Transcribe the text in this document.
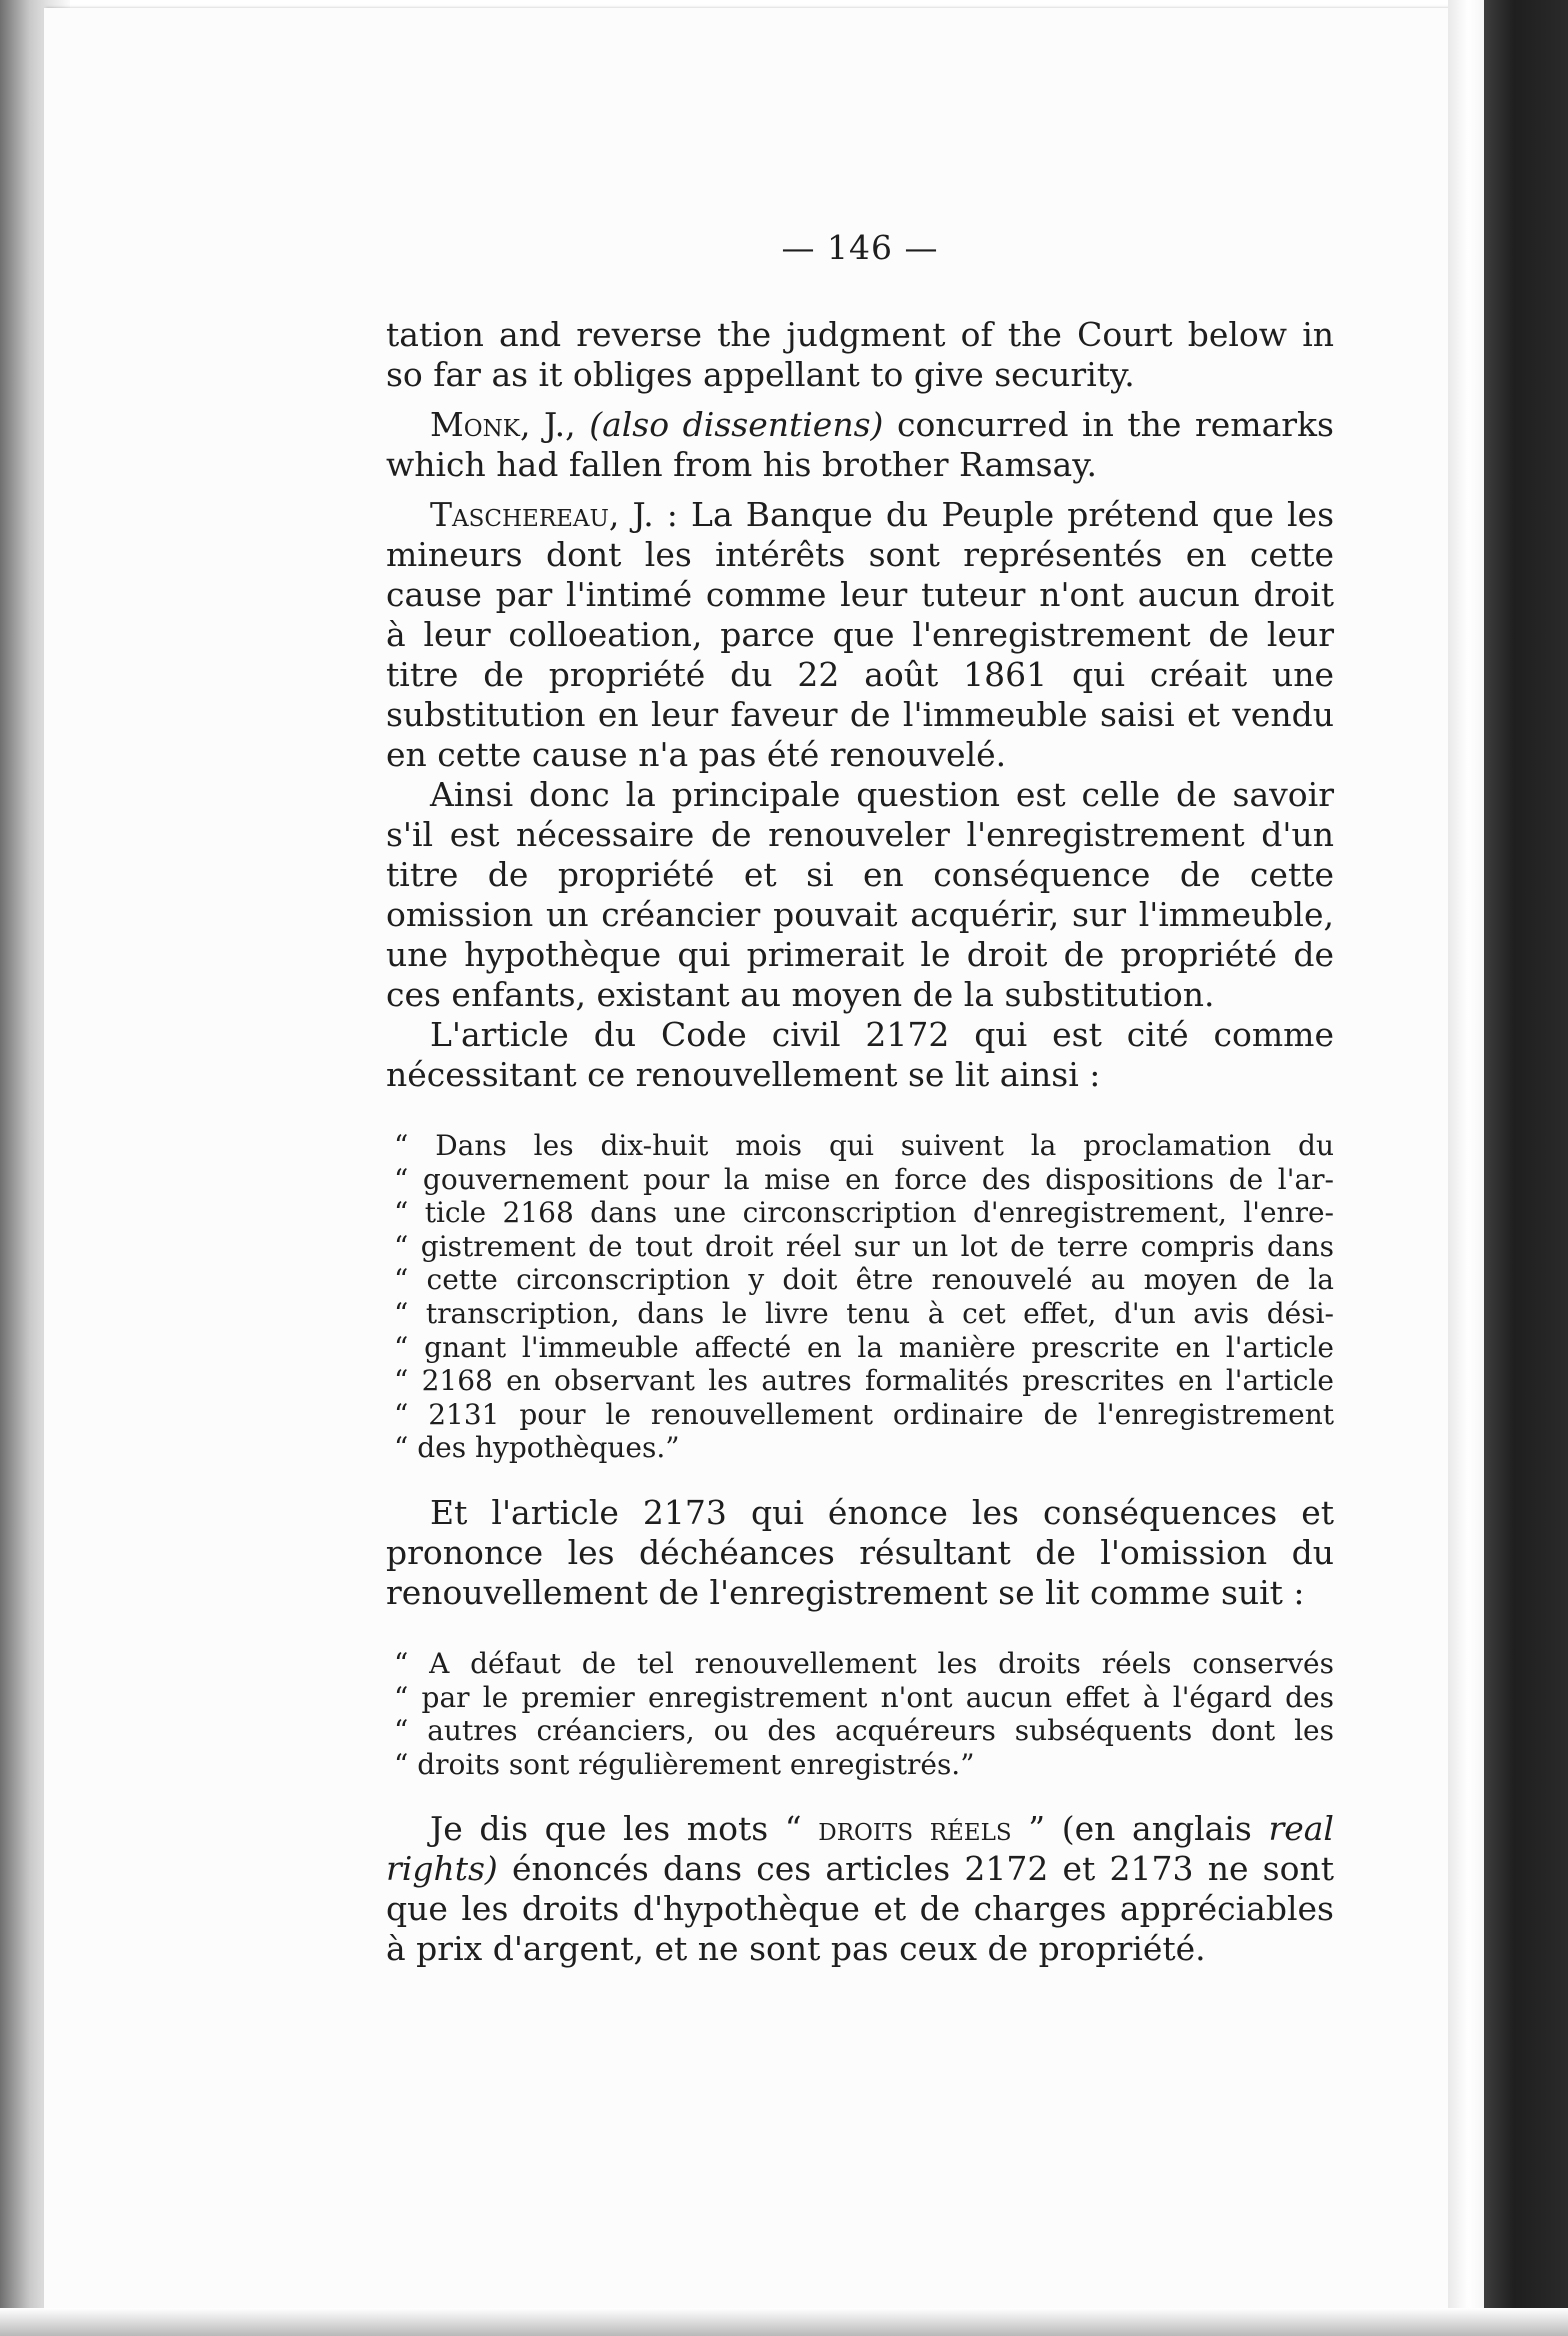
— 146 —

tation and reverse the judgment of the Court below in so far as it obliges appellant to give security.

Monk, J., (also dissentiens) concurred in the remarks which had fallen from his brother Ramsay.

Taschereau, J. : La Banque du Peuple prétend que les mineurs dont les intérêts sont représentés en cette cause par l'intimé comme leur tuteur n'ont aucun droit à leur colloeation, parce que l'enregistrement de leur titre de propriété du 22 août 1861 qui créait une substitution en leur faveur de l'immeuble saisi et vendu en cette cause n'a pas été renouvelé.

Ainsi donc la principale question est celle de savoir s'il est nécessaire de renouveler l'enregistrement d'un titre de propriété et si en conséquence de cette omission un créancier pouvait acquérir, sur l'immeuble, une hypothèque qui primerait le droit de propriété de ces enfants, existant au moyen de la substitution.

L'article du Code civil 2172 qui est cité comme nécessitant ce renouvellement se lit ainsi :

“ Dans les dix-huit mois qui suivent la proclamation du
“ gouvernement pour la mise en force des dispositions de l'ar-
“ ticle 2168 dans une circonscription d'enregistrement, l'enre-
“ gistrement de tout droit réel sur un lot de terre compris dans
“ cette circonscription y doit être renouvelé au moyen de la
“ transcription, dans le livre tenu à cet effet, d'un avis dési-
“ gnant l'immeuble affecté en la manière prescrite en l'article
“ 2168 en observant les autres formalités prescrites en l'article
“ 2131 pour le renouvellement ordinaire de l'enregistrement
“ des hypothèques.”

Et l'article 2173 qui énonce les conséquences et prononce les déchéances résultant de l'omission du renouvellement de l'enregistrement se lit comme suit :

“ A défaut de tel renouvellement les droits réels conservés
“ par le premier enregistrement n'ont aucun effet à l'égard des
“ autres créanciers, ou des acquéreurs subséquents dont les
“ droits sont régulièrement enregistrés.”

Je dis que les mots “ droits réels ” (en anglais real rights) énoncés dans ces articles 2172 et 2173 ne sont que les droits d'hypothèque et de charges appréciables à prix d'argent, et ne sont pas ceux de propriété.
